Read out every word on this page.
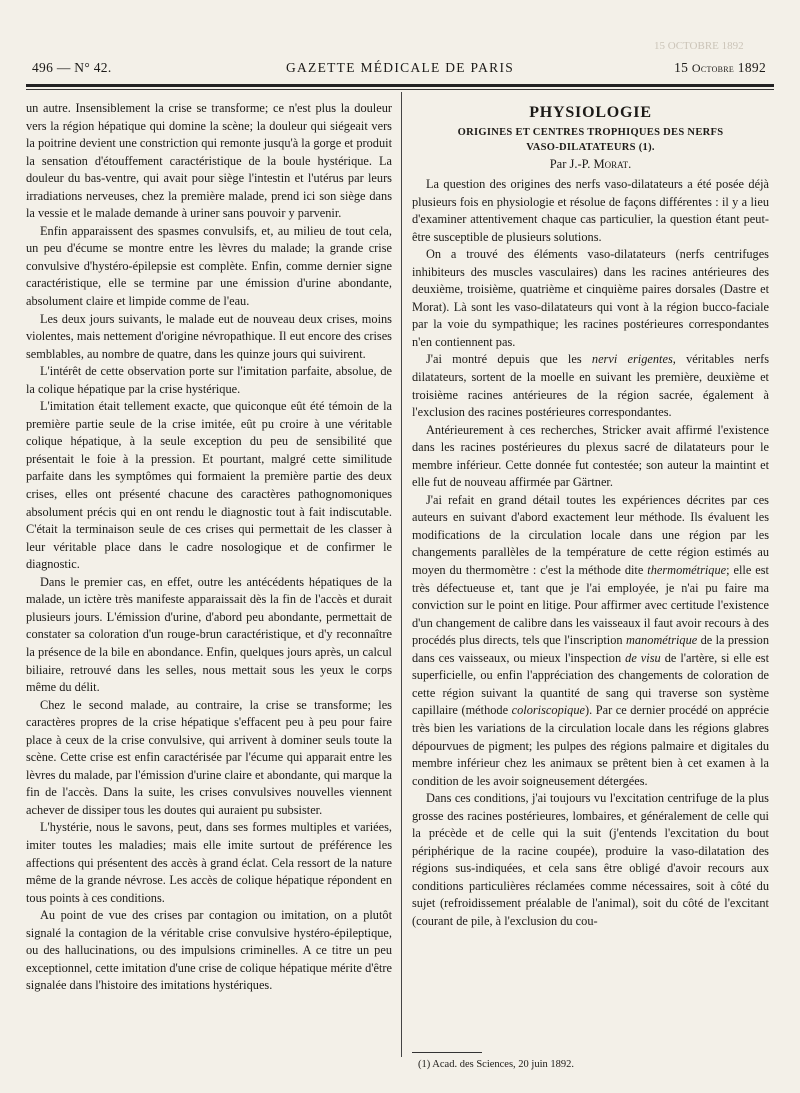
15 OCTOBRE 1892
496 — N° 42.	GAZETTE MÉDICALE DE PARIS	15 Octobre 1892

un autre. Insensiblement la crise se transforme; ce n'est plus la douleur vers la région hépatique qui domine la scène; la douleur qui siégeait vers la poitrine devient une constriction qui remonte jusqu'à la gorge et produit la sensation d'étouffement caractéristique de la boule hystérique. La douleur du bas-ventre, qui avait pour siège l'intestin et l'utérus par leurs irradiations nerveuses, chez la première malade, prend ici son siège dans la vessie et le malade demande à uriner sans pouvoir y parvenir.

Enfin apparaissent des spasmes convulsifs, et, au milieu de tout cela, un peu d'écume se montre entre les lèvres du malade; la grande crise convulsive d'hystéro-épilepsie est complète. Enfin, comme dernier signe caractéristique, elle se termine par une émission d'urine abondante, absolument claire et limpide comme de l'eau.

Les deux jours suivants, le malade eut de nouveau deux crises, moins violentes, mais nettement d'origine névropathique. Il eut encore des crises semblables, au nombre de quatre, dans les quinze jours qui suivirent.

L'intérêt de cette observation porte sur l'imitation parfaite, absolue, de la colique hépatique par la crise hystérique.

L'imitation était tellement exacte, que quiconque eût été témoin de la première partie seule de la crise imitée, eût pu croire à une véritable colique hépatique, à la seule exception du peu de sensibilité que présentait le foie à la pression. Et pourtant, malgré cette similitude parfaite dans les symptômes qui formaient la première partie des deux crises, elles ont présenté chacune des caractères pathognomoniques absolument précis qui en ont rendu le diagnostic tout à fait indiscutable. C'était la terminaison seule de ces crises qui permettait de les classer à leur véritable place dans le cadre nosologique et de confirmer le diagnostic.

Dans le premier cas, en effet, outre les antécédents hépatiques de la malade, un ictère très manifeste apparaissait dès la fin de l'accès et durait plusieurs jours. L'émission d'urine, d'abord peu abondante, permettait de constater sa coloration d'un rouge-brun caractéristique, et d'y reconnaître la présence de la bile en abondance. Enfin, quelques jours après, un calcul biliaire, retrouvé dans les selles, nous mettait sous les yeux le corps même du délit.

Chez le second malade, au contraire, la crise se transforme; les caractères propres de la crise hépatique s'effacent peu à peu pour faire place à ceux de la crise convulsive, qui arrivent à dominer seuls toute la scène. Cette crise est enfin caractérisée par l'écume qui apparait entre les lèvres du malade, par l'émission d'urine claire et abondante, qui marque la fin de l'accès. Dans la suite, les crises convulsives nouvelles viennent achever de dissiper tous les doutes qui auraient pu subsister.

L'hystérie, nous le savons, peut, dans ses formes multiples et variées, imiter toutes les maladies; mais elle imite surtout de préférence les affections qui présentent des accès à grand éclat. Cela ressort de la nature même de la grande névrose. Les accès de colique hépatique répondent en tous points à ces conditions.

Au point de vue des crises par contagion ou imitation, on a plutôt signalé la contagion de la véritable crise convulsive hystéro-épileptique, ou des hallucinations, ou des impulsions criminelles. A ce titre un peu exceptionnel, cette imitation d'une crise de colique hépatique mérite d'être signalée dans l'histoire des imitations hystériques.

PHYSIOLOGIE
ORIGINES ET CENTRES TROPHIQUES DES NERFS
VASO-DILATATEURS (1).
Par J.-P. Morat.

La question des origines des nerfs vaso-dilatateurs a été posée déjà plusieurs fois en physiologie et résolue de façons différentes : il y a lieu d'examiner attentivement chaque cas particulier, la question étant peut-être susceptible de plusieurs solutions.

On a trouvé des éléments vaso-dilatateurs (nerfs centrifuges inhibiteurs des muscles vasculaires) dans les racines antérieures des deuxième, troisième, quatrième et cinquième paires dorsales (Dastre et Morat). Là sont les vaso-dilatateurs qui vont à la région bucco-faciale par la voie du sympathique; les racines postérieures correspondantes n'en contiennent pas.

J'ai montré depuis que les nervi erigentes, véritables nerfs dilatateurs, sortent de la moelle en suivant les première, deuxième et troisième racines antérieures de la région sacrée, également à l'exclusion des racines postérieures correspondantes.

Antérieurement à ces recherches, Stricker avait affirmé l'existence dans les racines postérieures du plexus sacré de dilatateurs pour le membre inférieur. Cette donnée fut contestée; son auteur la maintint et elle fut de nouveau affirmée par Gärtner.

J'ai refait en grand détail toutes les expériences décrites par ces auteurs en suivant d'abord exactement leur méthode. Ils évaluent les modifications de la circulation locale dans une région par les changements parallèles de la température de cette région estimés au moyen du thermomètre : c'est la méthode dite thermométrique; elle est très défectueuse et, tant que je l'ai employée, je n'ai pu faire ma conviction sur le point en litige. Pour affirmer avec certitude l'existence d'un changement de calibre dans les vaisseaux il faut avoir recours à des procédés plus directs, tels que l'inscription manométrique de la pression dans ces vaisseaux, ou mieux l'inspection de visu de l'artère, si elle est superficielle, ou enfin l'appréciation des changements de coloration de cette région suivant la quantité de sang qui traverse son système capillaire (méthode coloriscopique). Par ce dernier procédé on apprécie très bien les variations de la circulation locale dans les régions glabres dépourvues de pigment; les pulpes des régions palmaire et digitales du membre inférieur chez les animaux se prêtent bien à cet examen à la condition de les avoir soigneusement détergées.

Dans ces conditions, j'ai toujours vu l'excitation centrifuge de la plus grosse des racines postérieures, lombaires, et généralement de celle qui la précède et de celle qui la suit (j'entends l'excitation du bout périphérique de la racine coupée), produire la vaso-dilatation des régions sus-indiquées, et cela sans être obligé d'avoir recours aux conditions particulières réclamées comme nécessaires, soit à côté du sujet (refroidissement préalable de l'animal), soit du côté de l'excitant (courant de pile, à l'exclusion du cou-

(1) Acad. des Sciences, 20 juin 1892.
